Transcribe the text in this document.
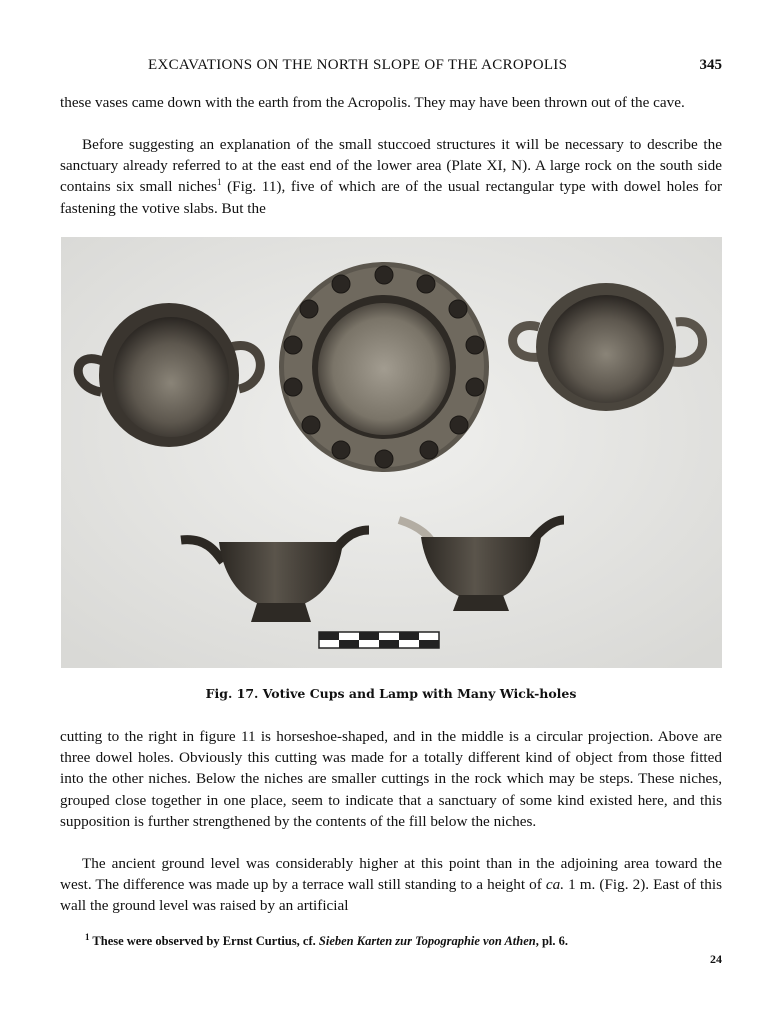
EXCAVATIONS ON THE NORTH SLOPE OF THE ACROPOLIS	345

these vases came down with the earth from the Acropolis. They may have been thrown out of the cave.

Before suggesting an explanation of the small stuccoed structures it will be necessary to describe the sanctuary already referred to at the east end of the lower area (Plate XI, N). A large rock on the south side contains six small niches$^1$ (Fig. 11), five of which are of the usual rectangular type with dowel holes for fastening the votive slabs. But the

Fig. 17. Votive Cups and Lamp with Many Wick-holes

cutting to the right in figure 11 is horseshoe-shaped, and in the middle is a circular projection. Above are three dowel holes. Obviously this cutting was made for a totally different kind of object from those fitted into the other niches. Below the niches are smaller cuttings in the rock which may be steps. These niches, grouped close together in one place, seem to indicate that a sanctuary of some kind existed here, and this supposition is further strengthened by the contents of the fill below the niches.

The ancient ground level was considerably higher at this point than in the adjoining area toward the west. The difference was made up by a terrace wall still standing to a height of ca. 1 m. (Fig. 2). East of this wall the ground level was raised by an artificial

$^1$ These were observed by Ernst Curtius, cf. Sieben Karten zur Topographie von Athen, pl. 6.

24
